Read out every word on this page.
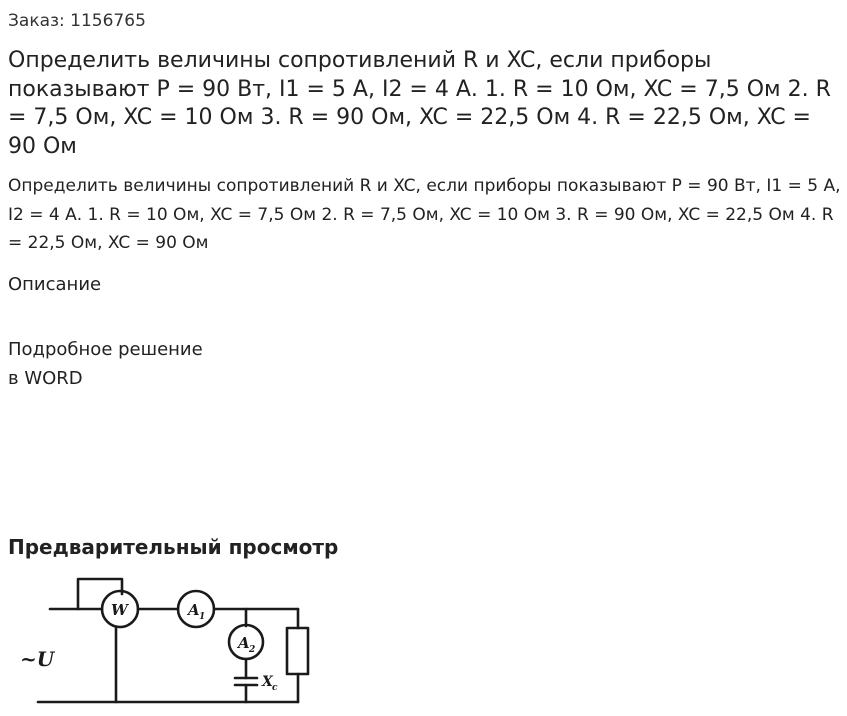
Заказ: 1156765
Определить величины сопротивлений R и XC, если приборы показывают P = 90 Вт, I1 = 5 А, I2 = 4 А. 1. R = 10 Ом, XC = 7,5 Ом 2. R = 7,5 Ом, XC = 10 Ом 3. R = 90 Ом, XC = 22,5 Ом 4. R = 22,5 Ом, XC = 90 Ом

Определить величины сопротивлений R и XC, если приборы показывают P = 90 Вт, I1 = 5 А, I2 = 4 А. 1. R = 10 Ом, XC = 7,5 Ом 2. R = 7,5 Ом, XC = 10 Ом 3. R = 90 Ом, XC = 22,5 Ом 4. R = 22,5 Ом, XC = 90 Ом

Описание
Подробное решение
в WORD
Предварительный просмотр
~U
W	A 1
A 2
X c
